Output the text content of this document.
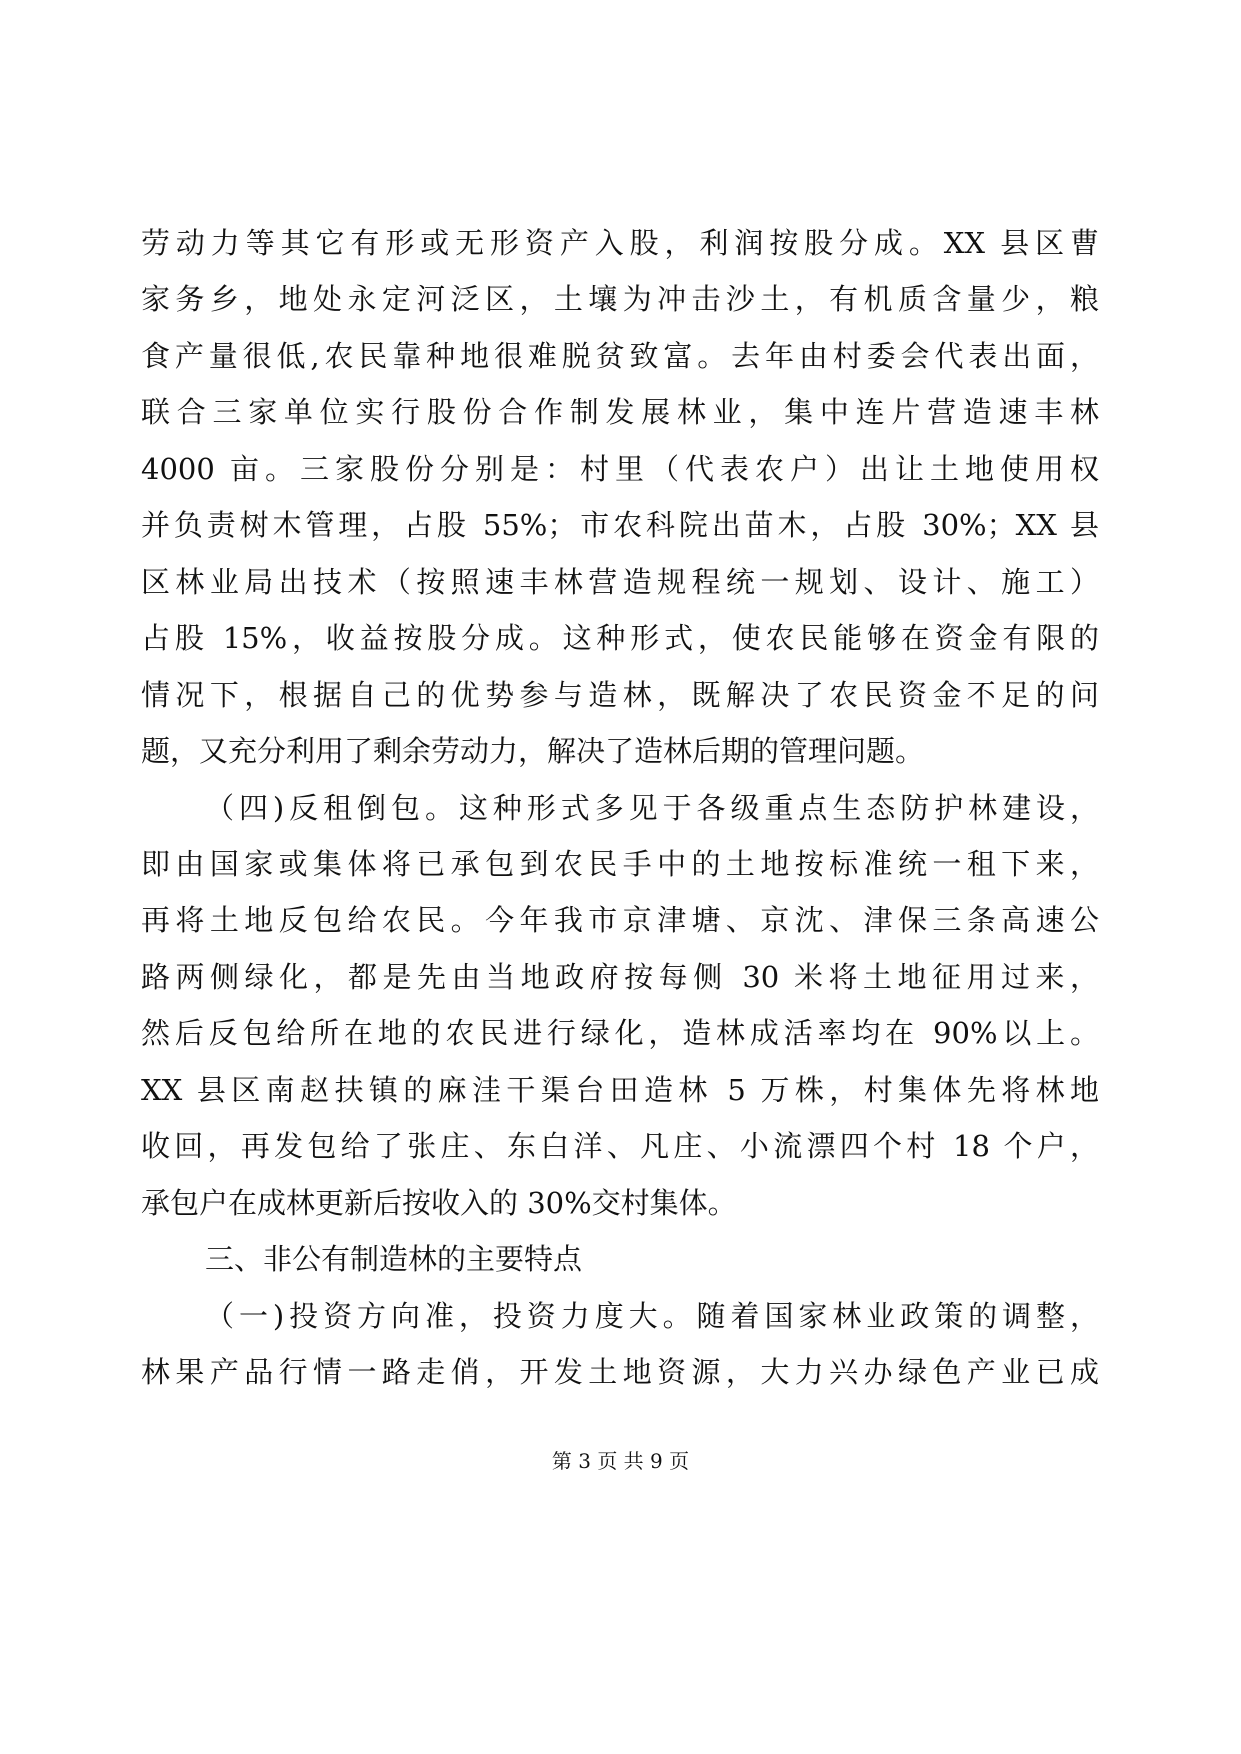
劳动力等其它有形或无形资产入股，利润按股分成。XX 县区曹
家务乡，地处永定河泛区，土壤为冲击沙土，有机质含量少，粮
食产量很低,农民靠种地很难脱贫致富。去年由村委会代表出面，
联合三家单位实行股份合作制发展林业，集中连片营造速丰林
4000 亩。三家股份分别是：村里（代表农户）出让土地使用权
并负责树木管理，占股 55%；市农科院出苗木，占股 30%；XX 县
区林业局出技术（按照速丰林营造规程统一规划、设计、施工）
占股 15%，收益按股分成。这种形式，使农民能够在资金有限的
情况下，根据自己的优势参与造林，既解决了农民资金不足的问
题，又充分利用了剩余劳动力，解决了造林后期的管理问题。
（四)反租倒包。这种形式多见于各级重点生态防护林建设，
即由国家或集体将已承包到农民手中的土地按标准统一租下来，
再将土地反包给农民。今年我市京津塘、京沈、津保三条高速公
路两侧绿化，都是先由当地政府按每侧 30 米将土地征用过来，
然后反包给所在地的农民进行绿化，造林成活率均在 90%以上。
XX 县区南赵扶镇的麻洼干渠台田造林 5 万株，村集体先将林地
收回，再发包给了张庄、东白洋、凡庄、小流漂四个村 18 个户，
承包户在成林更新后按收入的 30%交村集体。
三、非公有制造林的主要特点
（一)投资方向准，投资力度大。随着国家林业政策的调整，
林果产品行情一路走俏，开发土地资源，大力兴办绿色产业已成
第 3 页 共 9 页
